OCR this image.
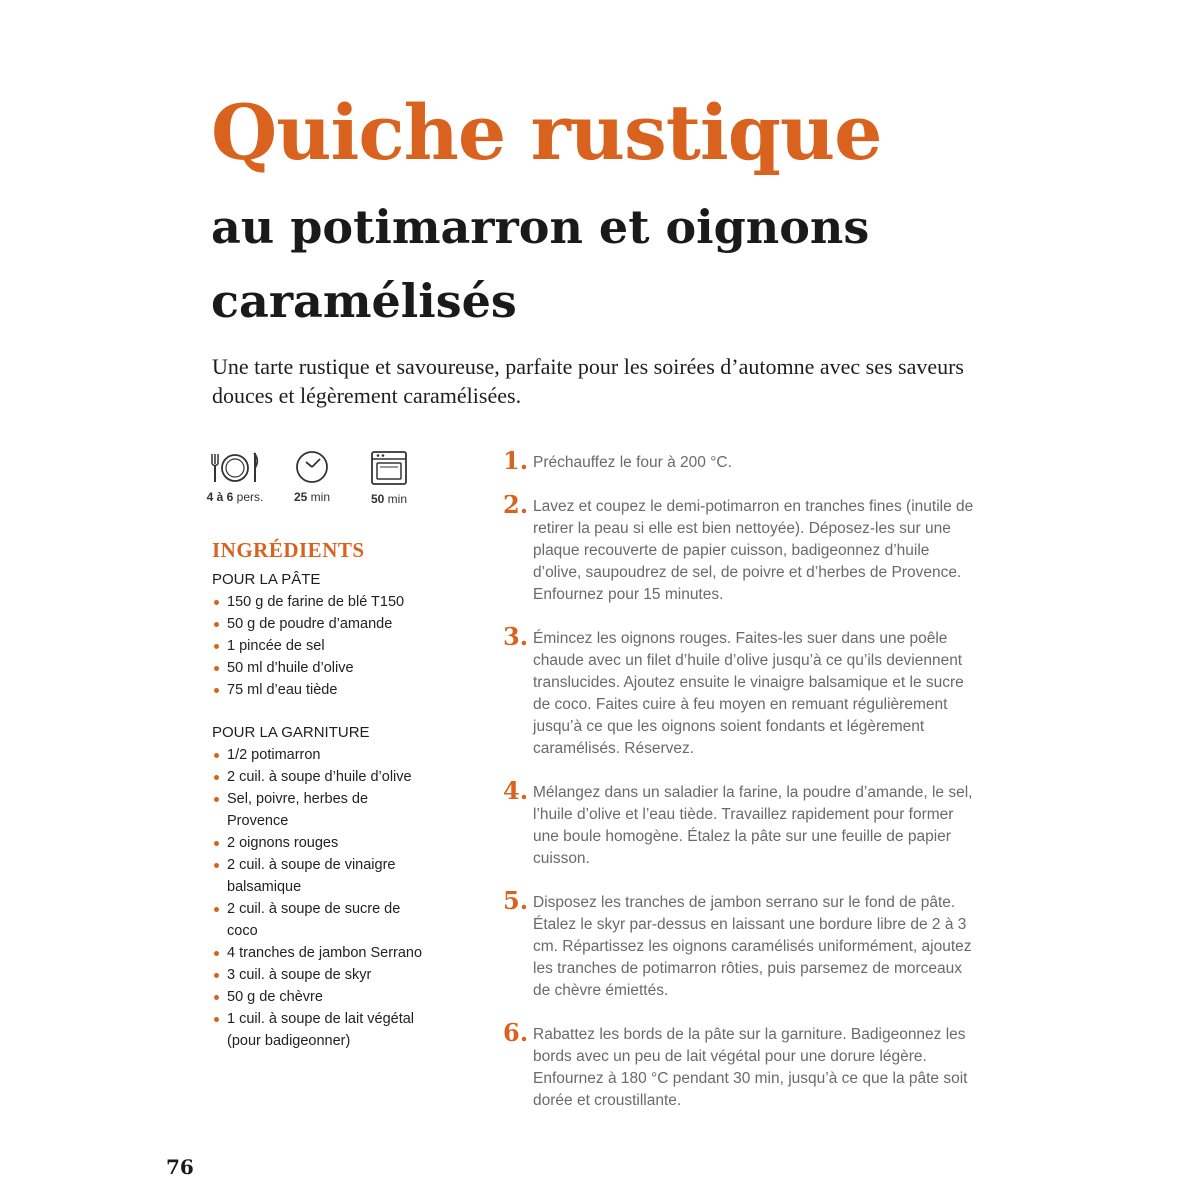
Quiche rustique
au potimarron et oignons caramélisés

Une tarte rustique et savoureuse, parfaite pour les soirées d’automne avec ses saveurs douces et légèrement caramélisées.

4 à 6 pers.	25 min	50 min
INGRÉDIENTS
POUR LA PÂTE
150 g de farine de blé T150
50 g de poudre d’amande
1 pincée de sel
50 ml d’huile d’olive
75 ml d’eau tiède
POUR LA GARNITURE
1/2 potimarron
2 cuil. à soupe d’huile d’olive
Sel, poivre, herbes de Provence
2 oignons rouges
2 cuil. à soupe de vinaigre balsamique
2 cuil. à soupe de sucre de coco
4 tranches de jambon Serrano
3 cuil. à soupe de skyr
50 g de chèvre
1 cuil. à soupe de lait végétal (pour badigeonner)
1. Préchauffez le four à 200 °C.
2. Lavez et coupez le demi-potimarron en tranches fines (inutile de retirer la peau si elle est bien nettoyée). Déposez-les sur une plaque recouverte de papier cuisson, badigeonnez d’huile d’olive, saupoudrez de sel, de poivre et d’herbes de Provence. Enfournez pour 15 minutes.
3. Émincez les oignons rouges. Faites-les suer dans une poêle chaude avec un filet d’huile d’olive jusqu’à ce qu’ils deviennent translucides. Ajoutez ensuite le vinaigre balsamique et le sucre de coco. Faites cuire à feu moyen en remuant régulièrement jusqu’à ce que les oignons soient fondants et légèrement caramélisés. Réservez.
4. Mélangez dans un saladier la farine, la poudre d’amande, le sel, l’huile d’olive et l’eau tiède. Travaillez rapidement pour former une boule homogène. Étalez la pâte sur une feuille de papier cuisson.
5. Disposez les tranches de jambon serrano sur le fond de pâte. Étalez le skyr par-dessus en laissant une bordure libre de 2 à 3 cm. Répartissez les oignons caramélisés uniformément, ajoutez les tranches de potimarron rôties, puis parsemez de morceaux de chèvre émiettés.
6. Rabattez les bords de la pâte sur la garniture. Badigeonnez les bords avec un peu de lait végétal pour une dorure légère. Enfournez à 180 °C pendant 30 min, jusqu’à ce que la pâte soit dorée et croustillante.
76
